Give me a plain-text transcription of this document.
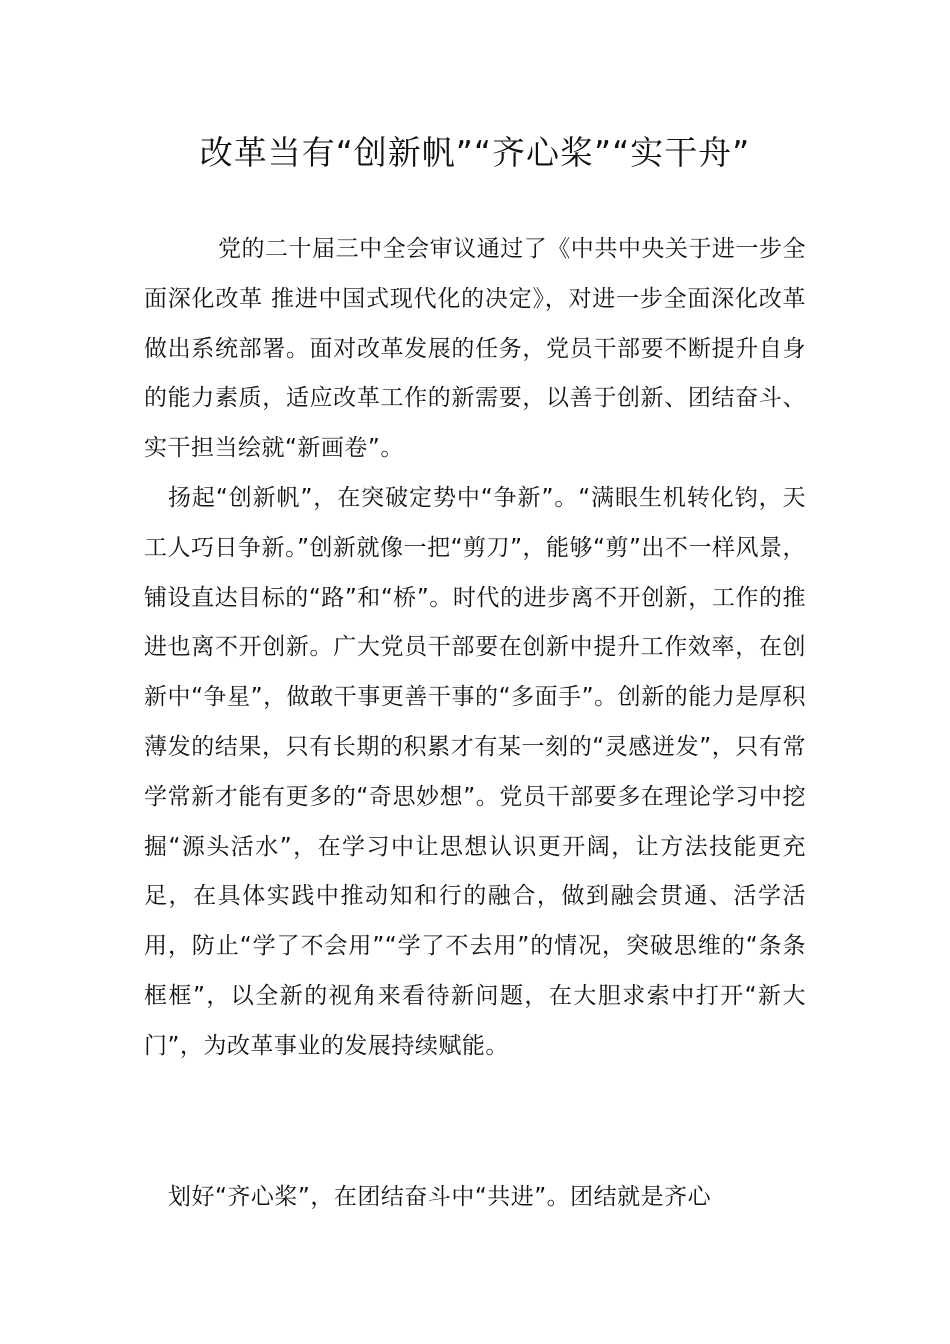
改革当有“创新帆”“齐心桨”“实干舟”

党的二十届三中全会审议通过了《中共中央关于进一步全面深化改革 推进中国式现代化的决定》，对进一步全面深化改革做出系统部署。面对改革发展的任务，党员干部要不断提升自身的能力素质，适应改革工作的新需要，以善于创新、团结奋斗、实干担当绘就“新画卷”。

扬起“创新帆”，在突破定势中“争新”。“满眼生机转化钧，天工人巧日争新。”创新就像一把“剪刀”，能够“剪”出不一样风景，铺设直达目标的“路”和“桥”。时代的进步离不开创新，工作的推进也离不开创新。广大党员干部要在创新中提升工作效率，在创新中“争星”，做敢干事更善干事的“多面手”。创新的能力是厚积薄发的结果，只有长期的积累才有某一刻的“灵感迸发”，只有常学常新才能有更多的“奇思妙想”。党员干部要多在理论学习中挖掘“源头活水”，在学习中让思想认识更开阔，让方法技能更充足，在具体实践中推动知和行的融合，做到融会贯通、活学活用，防止“学了不会用”“学了不去用”的情况，突破思维的“条条框框”，以全新的视角来看待新问题，在大胆求索中打开“新大门”，为改革事业的发展持续赋能。

划好“齐心桨”，在团结奋斗中“共进”。团结就是齐心
